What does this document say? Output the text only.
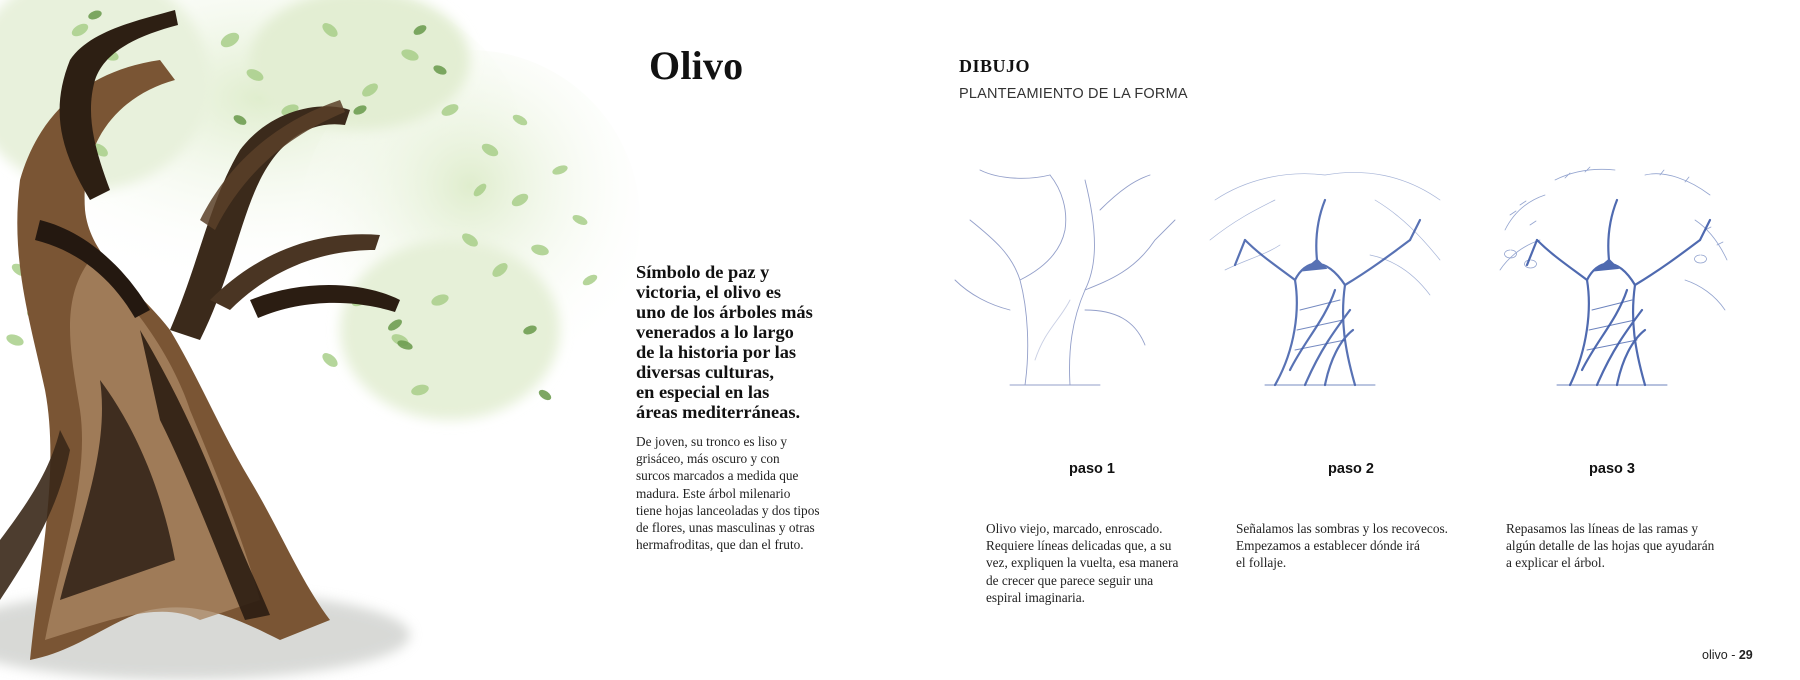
Olivo
Símbolo de paz y
victoria, el olivo es
uno de los árboles más
venerados a lo largo
de la historia por las
diversas culturas,
en especial en las
áreas mediterráneas.
De joven, su tronco es liso y
grisáceo, más oscuro y con
surcos marcados a medida que
madura. Este árbol milenario
tiene hojas lanceoladas y dos tipos
de flores, unas masculinas y otras
hermafroditas, que dan el fruto.
DIBUJO
PLANTEAMIENTO DE LA FORMA
paso 1	paso 2	paso 3
Olivo viejo, marcado, enroscado.
Requiere líneas delicadas que, a su
vez, expliquen la vuelta, esa manera
de crecer que parece seguir una
espiral imaginaria.
Señalamos las sombras y los recovecos.
Empezamos a establecer dónde irá
el follaje.
Repasamos las líneas de las ramas y
algún detalle de las hojas que ayudarán
a explicar el árbol.
olivo - 29
